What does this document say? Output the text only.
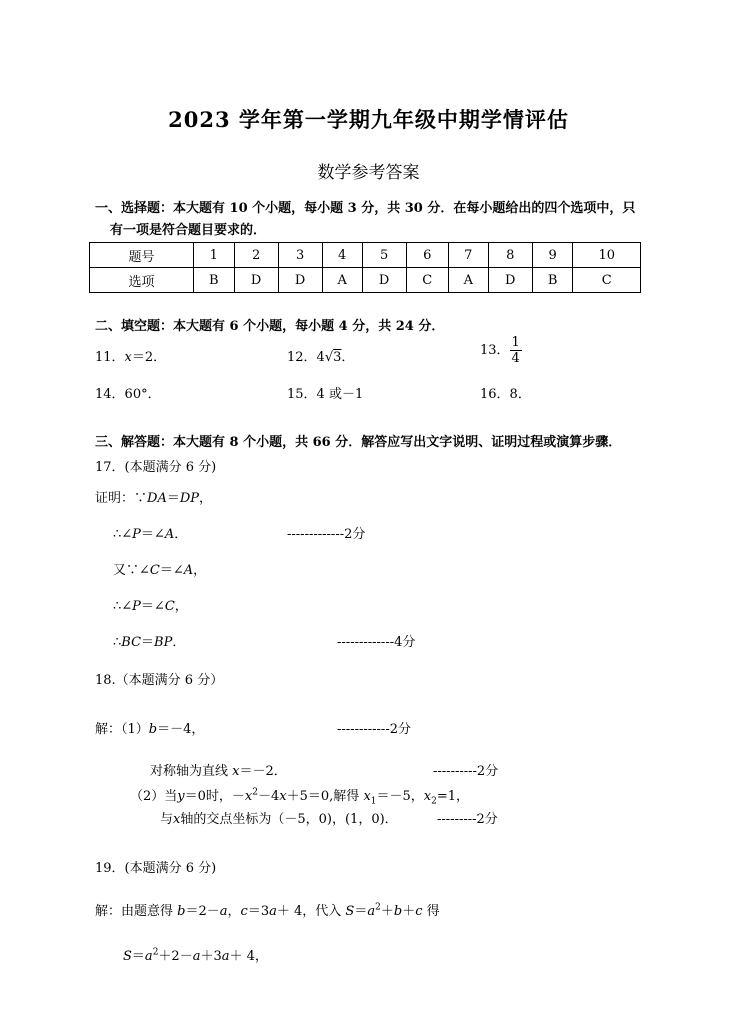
2023 学年第一学期九年级中期学情评估
数学参考答案
一、选择题：本大题有 10 个小题，每小题 3 分，共 30 分．在每小题给出的四个选项中，只
有一项是符合题目要求的．
题号	1	2	3	4	5	6	7	8	9	10
选项	B	D	D	A	D	C	A	D	B	C
二、填空题：本大题有 6 个小题，每小题 4 分，共 24 分．
11．x＝2．	12．4√3．	13． $\frac{1}{4}$
14．60°．	15．4 或－1	16．8．
三、解答题：本大题有 8 个小题，共 66 分．解答应写出文字说明、证明过程或演算步骤．
17．(本题满分 6 分)
证明：∵DA＝DP，
∴∠P＝∠A．	-------------2分
又∵∠C＝∠A，
∴∠P＝∠C，
∴BC＝BP．	-------------4分
18.（本题满分 6 分）
解：（1）b＝－4，	------------2分
对称轴为直线 x＝－2．	----------2分
（2）当y＝0时，$-x^2-4x+5=0$,解得 $x_1=-5$，$x_2=1$，
与x轴的交点坐标为（－5，0)，(1，0)．	---------2分
19．(本题满分 6 分)
解：由题意得 b＝2－a，c＝3a＋ 4，代入 $S=a^2+b+c$ 得
$S=a^2+2-a+3a+ 4$，
